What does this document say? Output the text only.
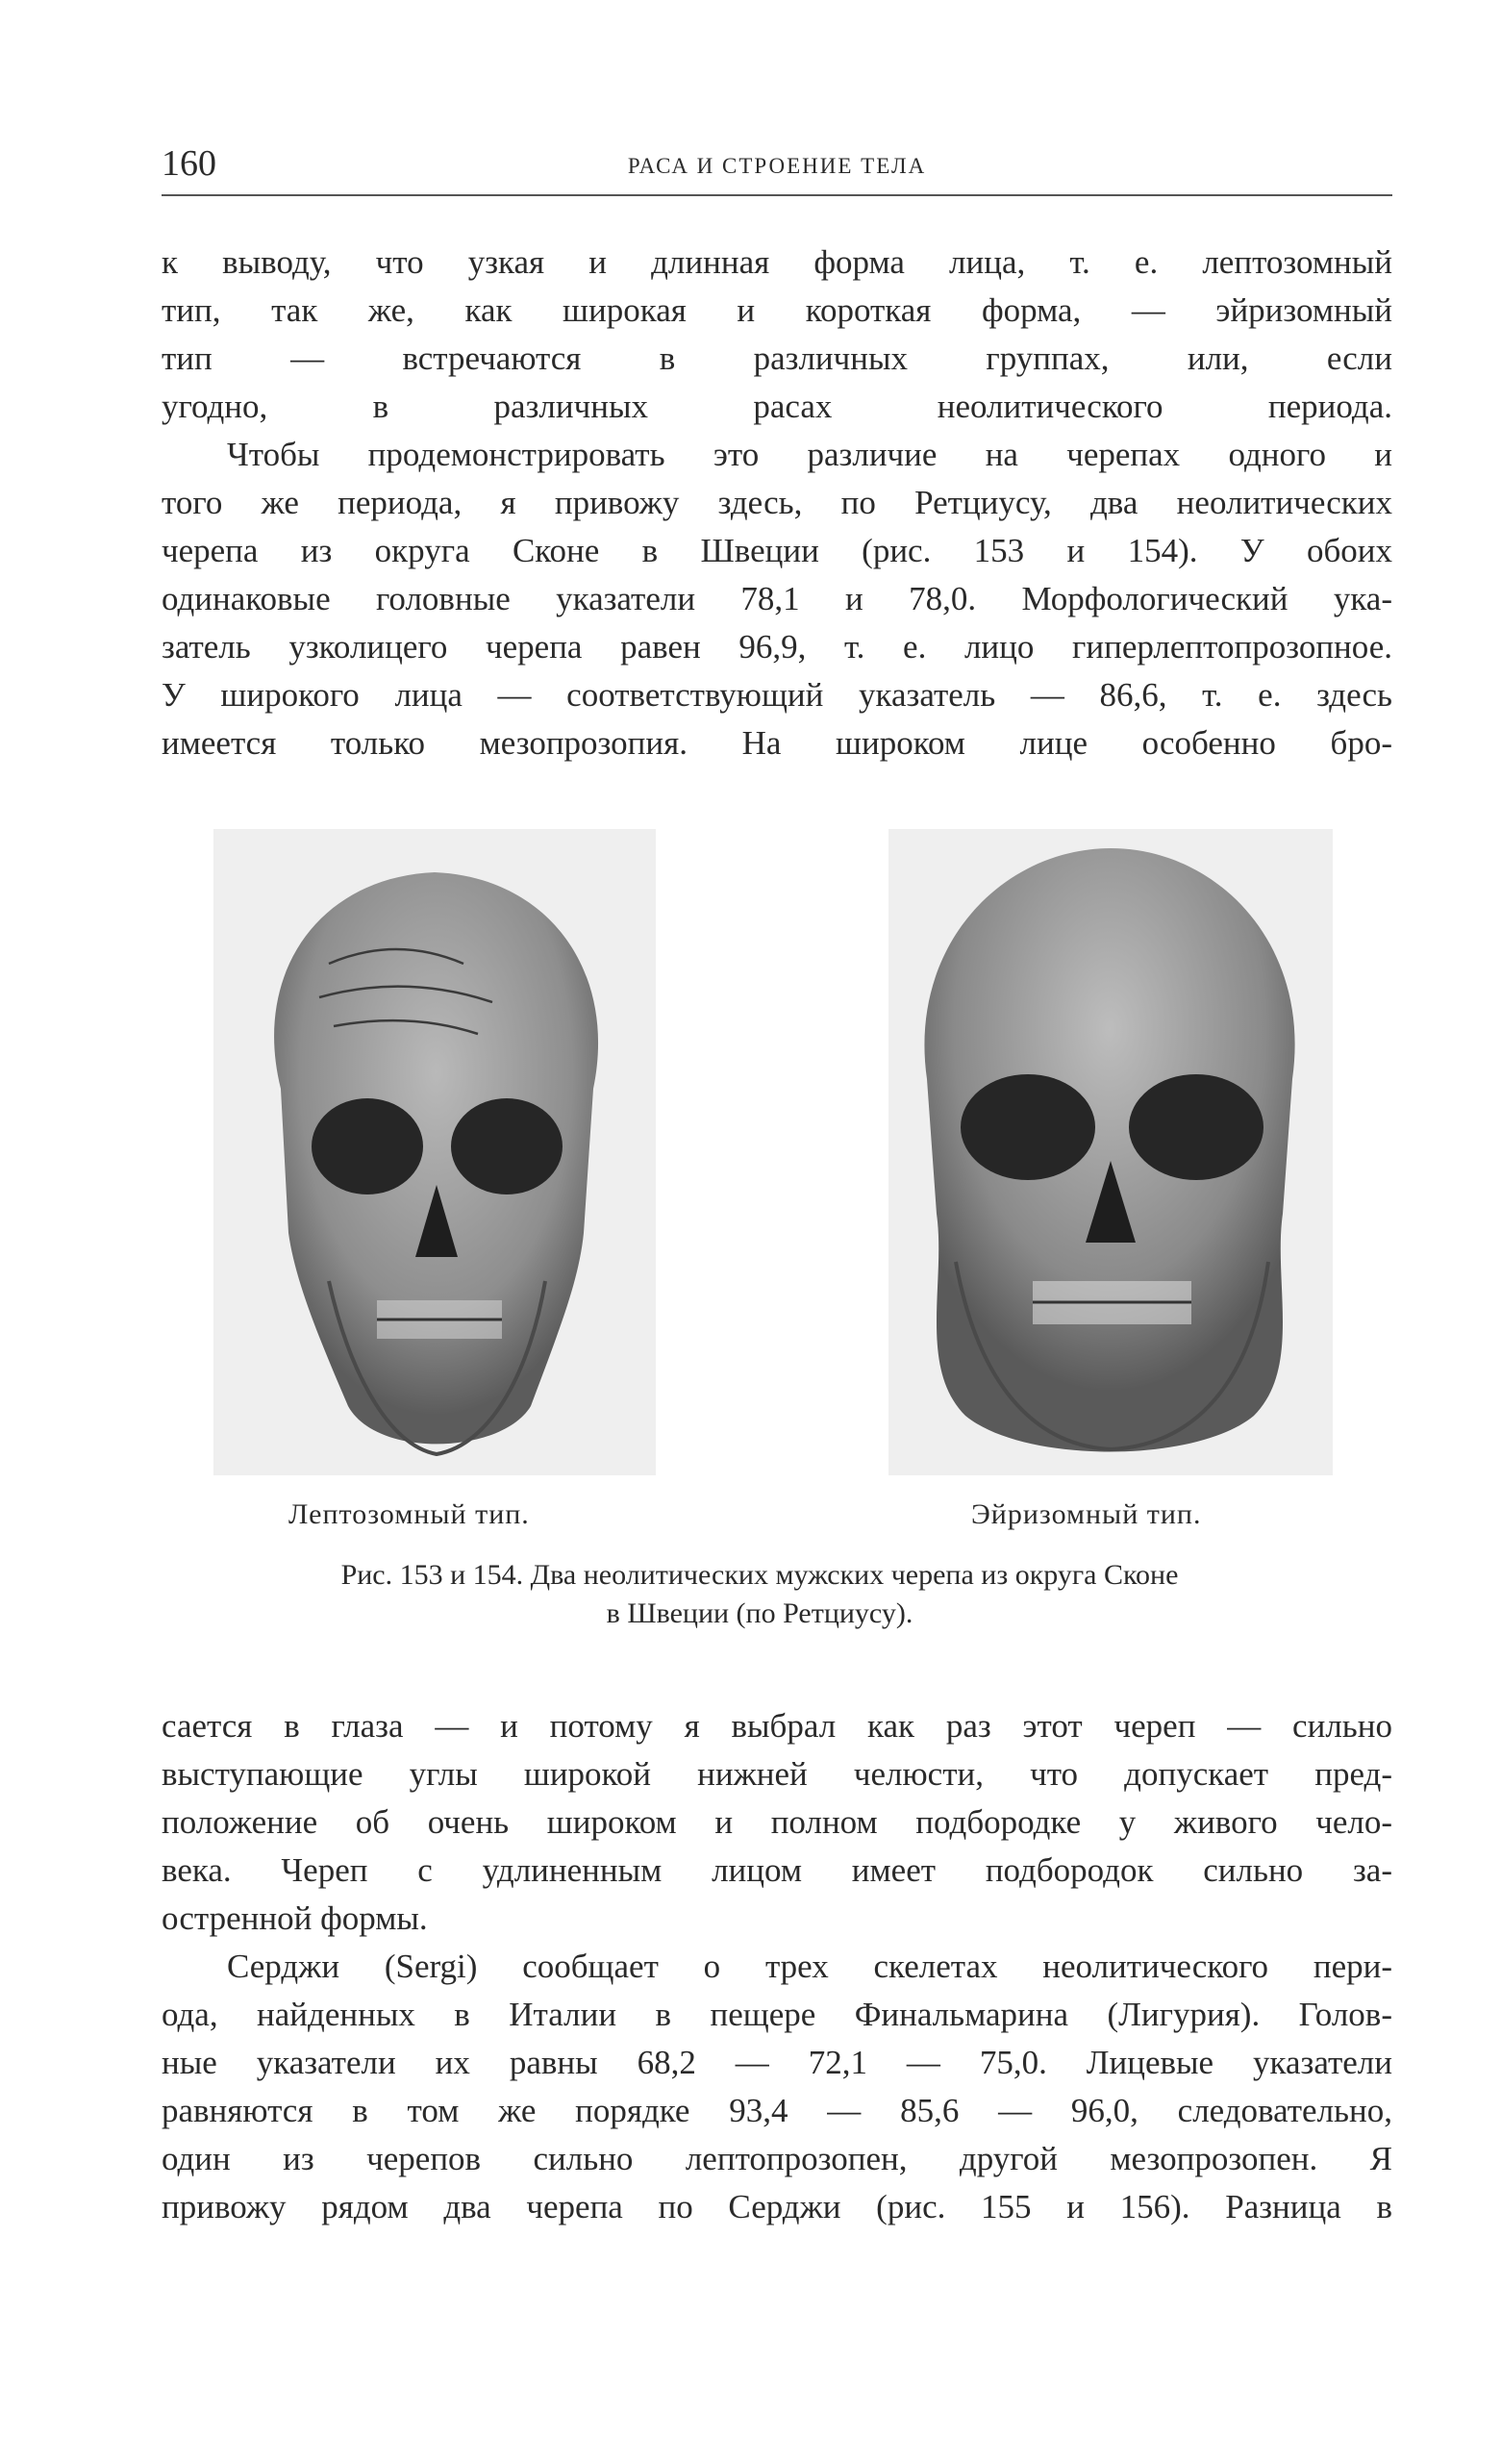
160	РАСА И СТРОЕНИЕ ТЕЛА
к выводу, что узкая и длинная форма лица, т. е. лептозомный
тип, так же, как широкая и короткая форма, — эйризомный
тип — встречаются в различных группах, или, если
угодно, в различных расах неолитического периода.
Чтобы продемонстрировать это различие на черепах одного и
того же периода, я привожу здесь, по Ретциусу, два неолитических
черепа из округа Сконе в Швеции (рис. 153 и 154). У обоих
одинаковые головные указатели 78,1 и 78,0. Морфологический ука-
затель узколицего черепа равен 96,9, т. е. лицо гиперлептопрозопное.
У широкого лица — соответствующий указатель — 86,6, т. е. здесь
имеется только мезопрозопия. На широком лице особенно бро-
Лептозомный тип.	Эйризомный тип.
Рис. 153 и 154. Два неолитических мужских черепа из округа Сконе
в Швеции (по Ретциусу).
сается в глаза — и потому я выбрал как раз этот череп — сильно
выступающие углы широкой нижней челюсти, что допускает пред-
положение об очень широком и полном подбородке у живого чело-
века. Череп с удлиненным лицом имеет подбородок сильно за-
остренной формы.
Серджи (Sergi) сообщает о трех скелетах неолитического пери-
ода, найденных в Италии в пещере Финальмарина (Лигурия). Голов-
ные указатели их равны 68,2 — 72,1 — 75,0. Лицевые указатели
равняются в том же порядке 93,4 — 85,6 — 96,0, следовательно,
один из черепов сильно лептопрозопен, другой мезопрозопен. Я
привожу рядом два черепа по Серджи (рис. 155 и 156). Разница в
